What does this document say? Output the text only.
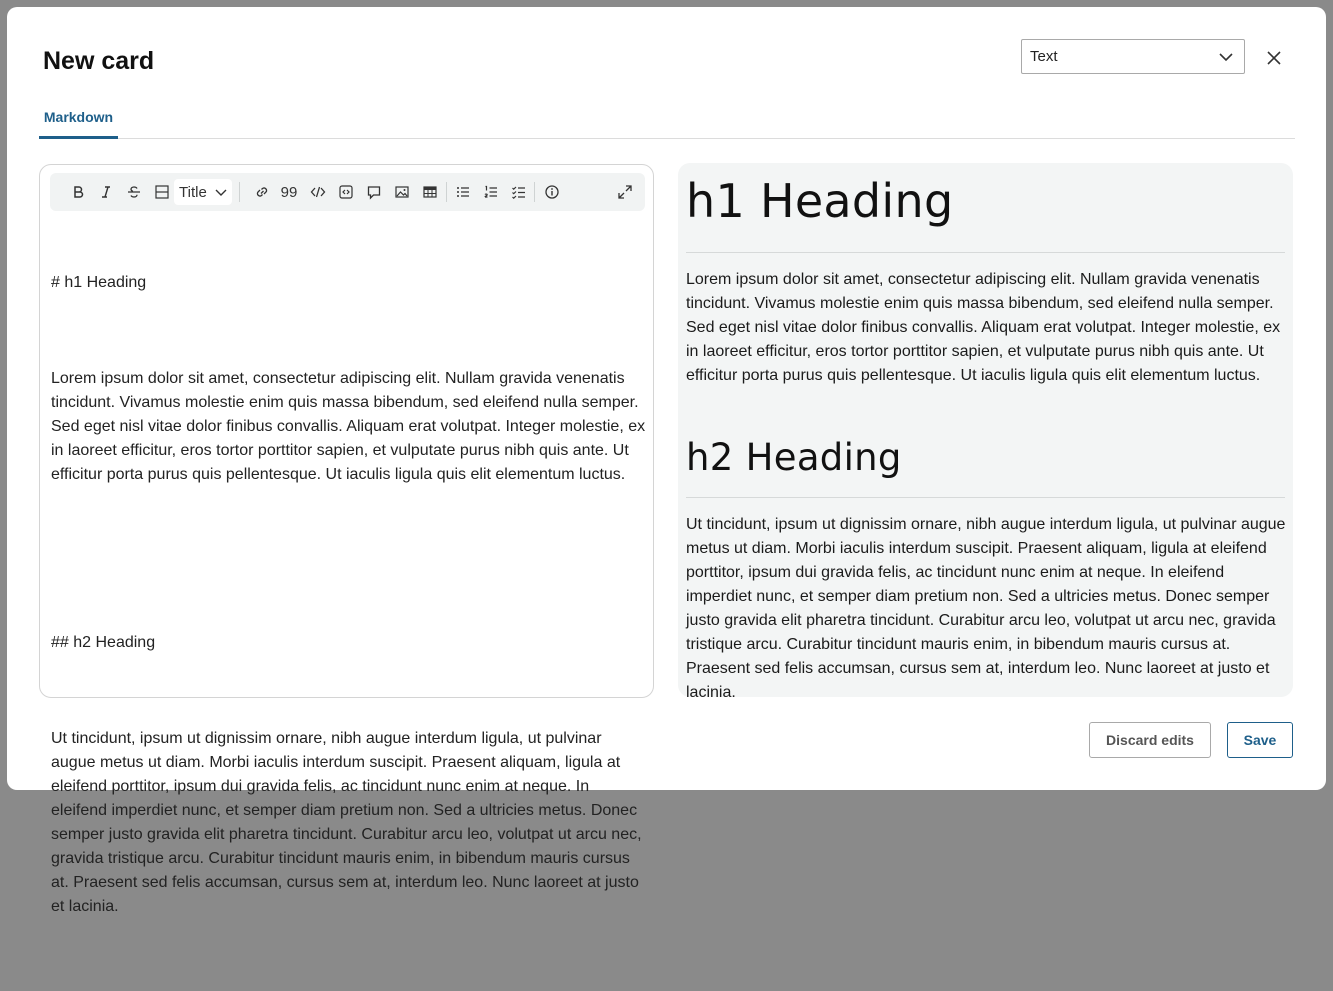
New card	Text
Markdown
Title	99

# h1 Heading

Lorem ipsum dolor sit amet, consectetur adipiscing elit. Nullam gravida venenatis tincidunt. Vivamus molestie enim quis massa bibendum, sed eleifend nulla semper. Sed eget nisl vitae dolor finibus convallis. Aliquam erat volutpat. Integer molestie, ex in laoreet efficitur, eros tortor porttitor sapien, et vulputate purus nibh quis ante. Ut efficitur porta purus quis pellentesque. Ut iaculis ligula quis elit elementum luctus.

## h2 Heading

Ut tincidunt, ipsum ut dignissim ornare, nibh augue interdum ligula, ut pulvinar augue metus ut diam. Morbi iaculis interdum suscipit. Praesent aliquam, ligula at eleifend porttitor, ipsum dui gravida felis, ac tincidunt nunc enim at neque. In eleifend imperdiet nunc, et semper diam pretium non. Sed a ultricies metus. Donec semper justo gravida elit pharetra tincidunt. Curabitur arcu leo, volutpat ut arcu nec, gravida tristique arcu. Curabitur tincidunt mauris enim, in bibendum mauris cursus at. Praesent sed felis accumsan, cursus sem at, interdum leo. Nunc laoreet at justo et lacinia.

h1 Heading
Lorem ipsum dolor sit amet, consectetur adipiscing elit. Nullam gravida venenatis tincidunt. Vivamus molestie enim quis massa bibendum, sed eleifend nulla semper. Sed eget nisl vitae dolor finibus convallis. Aliquam erat volutpat. Integer molestie, ex in laoreet efficitur, eros tortor porttitor sapien, et vulputate purus nibh quis ante. Ut efficitur porta purus quis pellentesque. Ut iaculis ligula quis elit elementum luctus.
h2 Heading
Ut tincidunt, ipsum ut dignissim ornare, nibh augue interdum ligula, ut pulvinar augue metus ut diam. Morbi iaculis interdum suscipit. Praesent aliquam, ligula at eleifend porttitor, ipsum dui gravida felis, ac tincidunt nunc enim at neque. In eleifend imperdiet nunc, et semper diam pretium non. Sed a ultricies metus. Donec semper justo gravida elit pharetra tincidunt. Curabitur arcu leo, volutpat ut arcu nec, gravida tristique arcu. Curabitur tincidunt mauris enim, in bibendum mauris cursus at. Praesent sed felis accumsan, cursus sem at, interdum leo. Nunc laoreet at justo et lacinia.
Discard edits	Save
